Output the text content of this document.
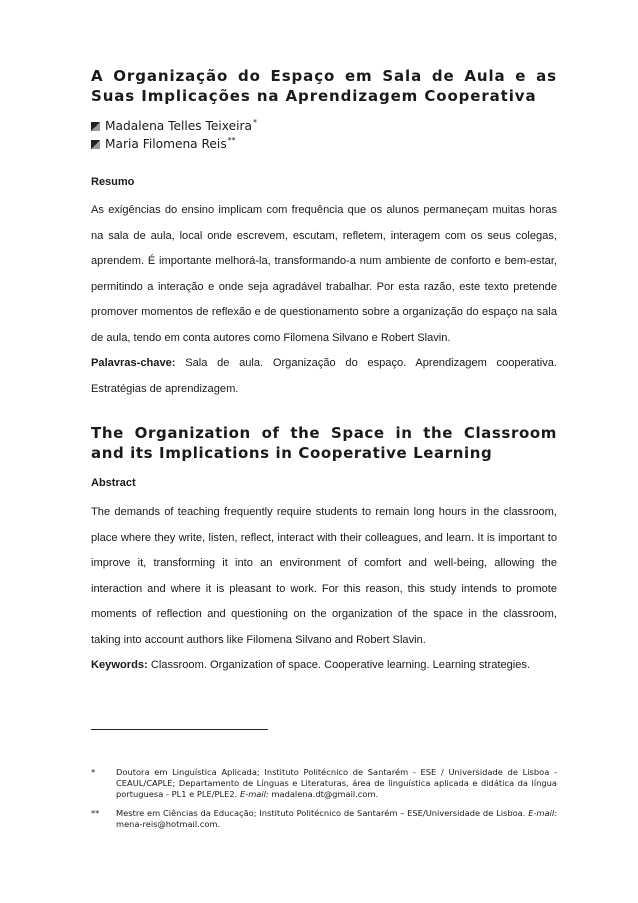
A Organização do Espaço em Sala de Aula e as Suas Implicações na Aprendizagem Cooperativa
Madalena Telles Teixeira *
Maria Filomena Reis **
Resumo

As exigências do ensino implicam com frequência que os alunos permaneçam muitas horas na sala de aula, local onde escrevem, escutam, refletem, interagem com os seus colegas, aprendem. É importante melhorá-la, transformando-a num ambiente de conforto e bem-estar, permitindo a interação e onde seja agradável trabalhar. Por esta razão, este texto pretende promover momentos de reflexão e de questionamento sobre a organização do espaço na sala de aula, tendo em conta autores como Filomena Silvano e Robert Slavin.

Palavras-chave: Sala de aula. Organização do espaço. Aprendizagem cooperativa. Estratégias de aprendizagem.

The Organization of the Space in the Classroom and its Implications in Cooperative Learning
Abstract

The demands of teaching frequently require students to remain long hours in the classroom, place where they write, listen, reflect, interact with their colleagues, and learn. It is important to improve it, transforming it into an environment of comfort and well-being, allowing the interaction and where it is pleasant to work. For this reason, this study intends to promote moments of reflection and questioning on the organization of the space in the classroom, taking into account authors like Filomena Silvano and Robert Slavin.

Keywords: Classroom. Organization of space. Cooperative learning. Learning strategies.

*	Doutora em Linguística Aplicada; Instituto Politécnico de Santarém - ESE / Universidade de Lisboa - CEAUL/CAPLE; Departamento de Línguas e Literaturas, área de linguística aplicada e didática da língua portuguesa - PL1 e PLE/PLE2. E-mail: madalena.dt@gmail.com.
**	Mestre em Ciências da Educação; Instituto Politécnico de Santarém – ESE/Universidade de Lisboa. E-mail: mena-reis@hotmail.com.
